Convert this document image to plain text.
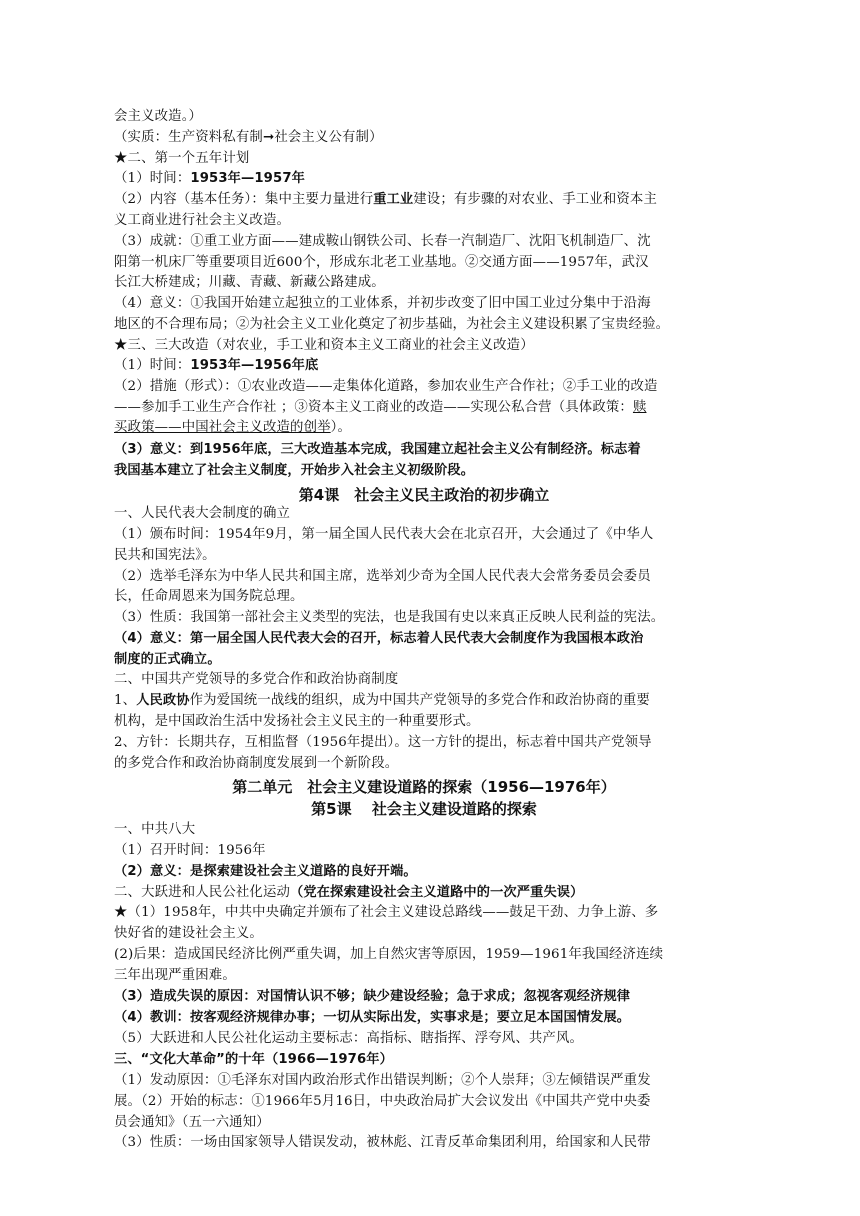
会主义改造。）
（实质：生产资料私有制➞社会主义公有制）
★二、第一个五年计划
（1）时间：1953年—1957年
（2）内容（基本任务）：集中主要力量进行重工业建设；有步骤的对农业、手工业和资本主
义工商业进行社会主义改造。
（3）成就：①重工业方面——建成鞍山钢铁公司、长春一汽制造厂、沈阳飞机制造厂、沈
阳第一机床厂等重要项目近600个，形成东北老工业基地。②交通方面——1957年，武汉
长江大桥建成；川藏、青藏、新藏公路建成。
（4）意义：①我国开始建立起独立的工业体系，并初步改变了旧中国工业过分集中于沿海
地区的不合理布局；②为社会主义工业化奠定了初步基础，为社会主义建设积累了宝贵经验。
★三、三大改造（对农业，手工业和资本主义工商业的社会主义改造）
（1）时间：1953年—1956年底
（2）措施（形式）：①农业改造——走集体化道路，参加农业生产合作社；②手工业的改造
——参加手工业生产合作社 ；③资本主义工商业的改造——实现公私合营（具体政策：赎
买政策——中国社会主义改造的创举）。
（3）意义：到1956年底，三大改造基本完成，我国建立起社会主义公有制经济。标志着
我国基本建立了社会主义制度，开始步入社会主义初级阶段。
第4课　社会主义民主政治的初步确立
一、人民代表大会制度的确立
（1）颁布时间：1954年9月，第一届全国人民代表大会在北京召开，大会通过了《中华人
民共和国宪法》。
（2）选举毛泽东为中华人民共和国主席，选举刘少奇为全国人民代表大会常务委员会委员
长，任命周恩来为国务院总理。
（3）性质：我国第一部社会主义类型的宪法，也是我国有史以来真正反映人民利益的宪法。
（4）意义：第一届全国人民代表大会的召开，标志着人民代表大会制度作为我国根本政治
制度的正式确立。
二、中国共产党领导的多党合作和政治协商制度
1、人民政协作为爱国统一战线的组织，成为中国共产党领导的多党合作和政治协商的重要
机构，是中国政治生活中发扬社会主义民主的一种重要形式。
2、方针：长期共存，互相监督（1956年提出）。这一方针的提出，标志着中国共产党领导
的多党合作和政治协商制度发展到一个新阶段。
第二单元　社会主义建设道路的探索（1956—1976年）
第5课　 社会主义建设道路的探索
一、中共八大
（1）召开时间：1956年
（2）意义：是探索建设社会主义道路的良好开端。
二、大跃进和人民公社化运动（党在探索建设社会主义道路中的一次严重失误）
★（1）1958年，中共中央确定并颁布了社会主义建设总路线——鼓足干劲、力争上游、多
快好省的建设社会主义。
(2)后果：造成国民经济比例严重失调，加上自然灾害等原因，1959—1961年我国经济连续
三年出现严重困难。
（3）造成失误的原因：对国情认识不够；缺少建设经验；急于求成；忽视客观经济规律
（4）教训：按客观经济规律办事；一切从实际出发，实事求是；要立足本国国情发展。
（5）大跃进和人民公社化运动主要标志：高指标、瞎指挥、浮夸风、共产风。
三、“文化大革命”的十年（1966—1976年）
（1）发动原因：①毛泽东对国内政治形式作出错误判断；②个人崇拜；③左倾错误严重发
展。（2）开始的标志：①1966年5月16日，中央政治局扩大会议发出《中国共产党中央委
员会通知》（五一六通知）
（3）性质：一场由国家领导人错误发动，被林彪、江青反革命集团利用，给国家和人民带
